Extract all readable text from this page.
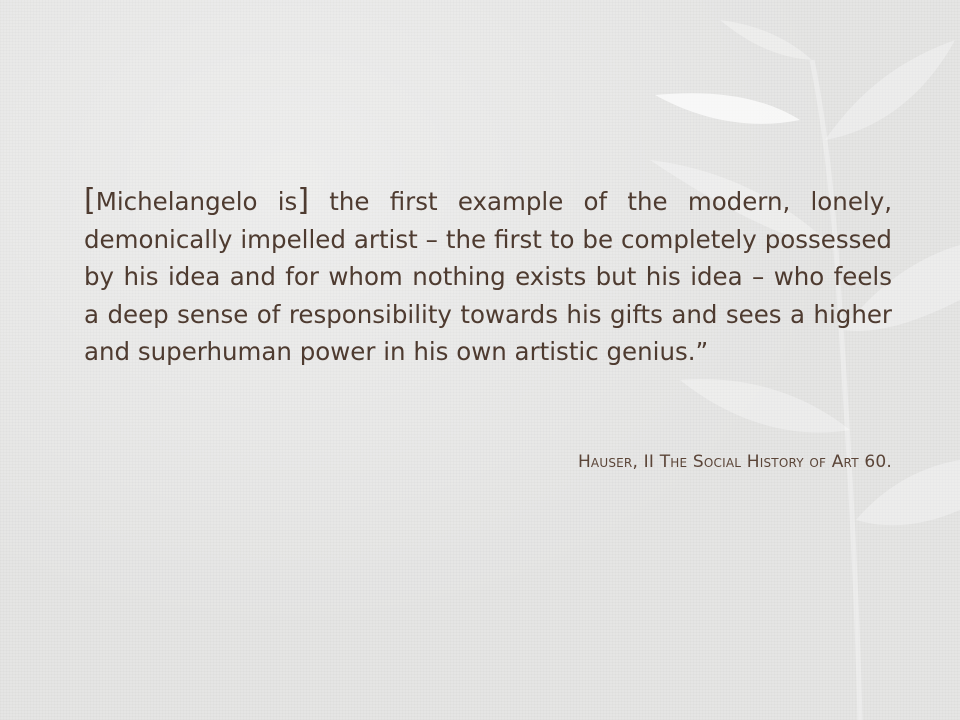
[Michelangelo is] the first example of the modern, lonely, demonically impelled artist – the first to be completely possessed by his idea and for whom nothing exists but his idea – who feels a deep sense of responsibility towards his gifts and sees a higher and superhuman power in his own artistic genius.”

Hauser, II The Social History of Art 60.
